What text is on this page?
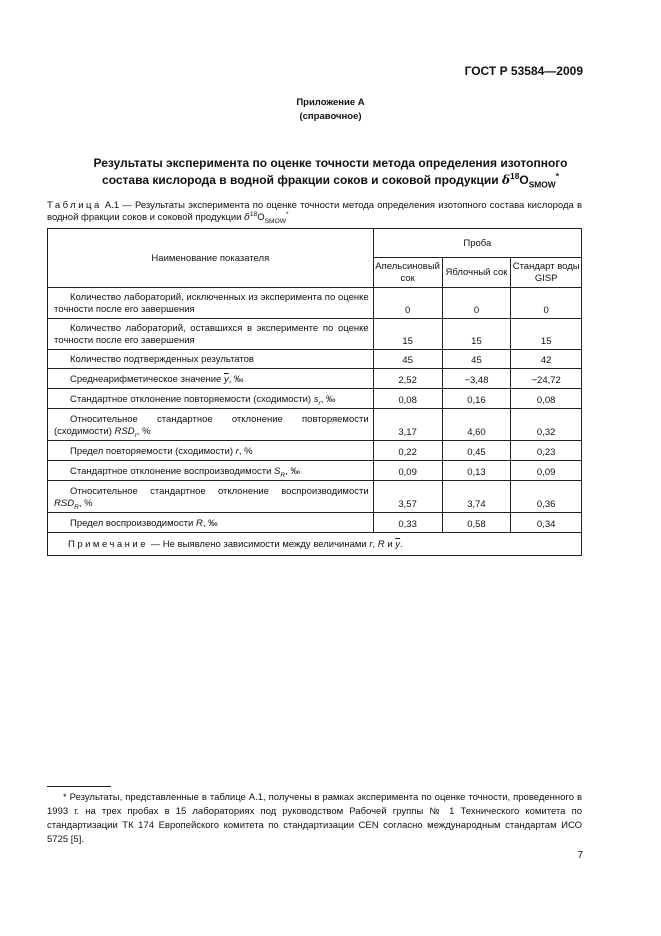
ГОСТ Р 53584—2009
Приложение А
(справочное)
Результаты эксперимента по оценке точности метода определения изотопного
состава кислорода в водной фракции соков и соковой продукции $\delta^{18}O_{SMOW}^*$
Таблица А.1 — Результаты эксперимента по оценке точности метода определения изотопного состава кислорода в водной фракции соков и соковой продукции $\delta^{18}O_{SMOW}^*$
Наименование показателя	Проба		
	Апельсиновый сок	Яблочный сок	Стандарт воды GISP
Количество лабораторий, исключенных из эксперимента по оценке точности после его завершения	0	0	0
Количество лабораторий, оставшихся в эксперименте по оценке точности после его завершения	15	15	15
Количество подтвержденных результатов	45	45	42
Среднеарифметическое значение $\overline{y}$, ‰	2,52	−3,48	−24,72
Стандартное отклонение повторяемости (сходимости) $s_r$, ‰	0,08	0,16	0,08
Относительное стандартное отклонение повторяемости (сходимости) $RSD_r$, %	3,17	4,60	0,32
Предел повторяемости (сходимости) r, %	0,22	0,45	0,23
Стандартное отклонение воспроизводимости $S_R$, ‰	0,09	0,13	0,09
Относительное стандартное отклонение воспроизводимости $RSD_R$, %	3,57	3,74	0,36
Предел воспроизводимости R, ‰	0,33	0,58	0,34
Примечание — Не выявлено зависимости между величинами r, R и $\overline{y}$.			
* Результаты, представленные в таблице А.1, получены в рамках эксперимента по оценке точности, проведенного в 1993 г. на трех пробах в 15 лабораториях под руководством Рабочей группы № 1 Технического комитета по стандартизации ТК 174 Европейского комитета по стандартизации CEN согласно международным стандартам ИСО 5725 [5].
7
